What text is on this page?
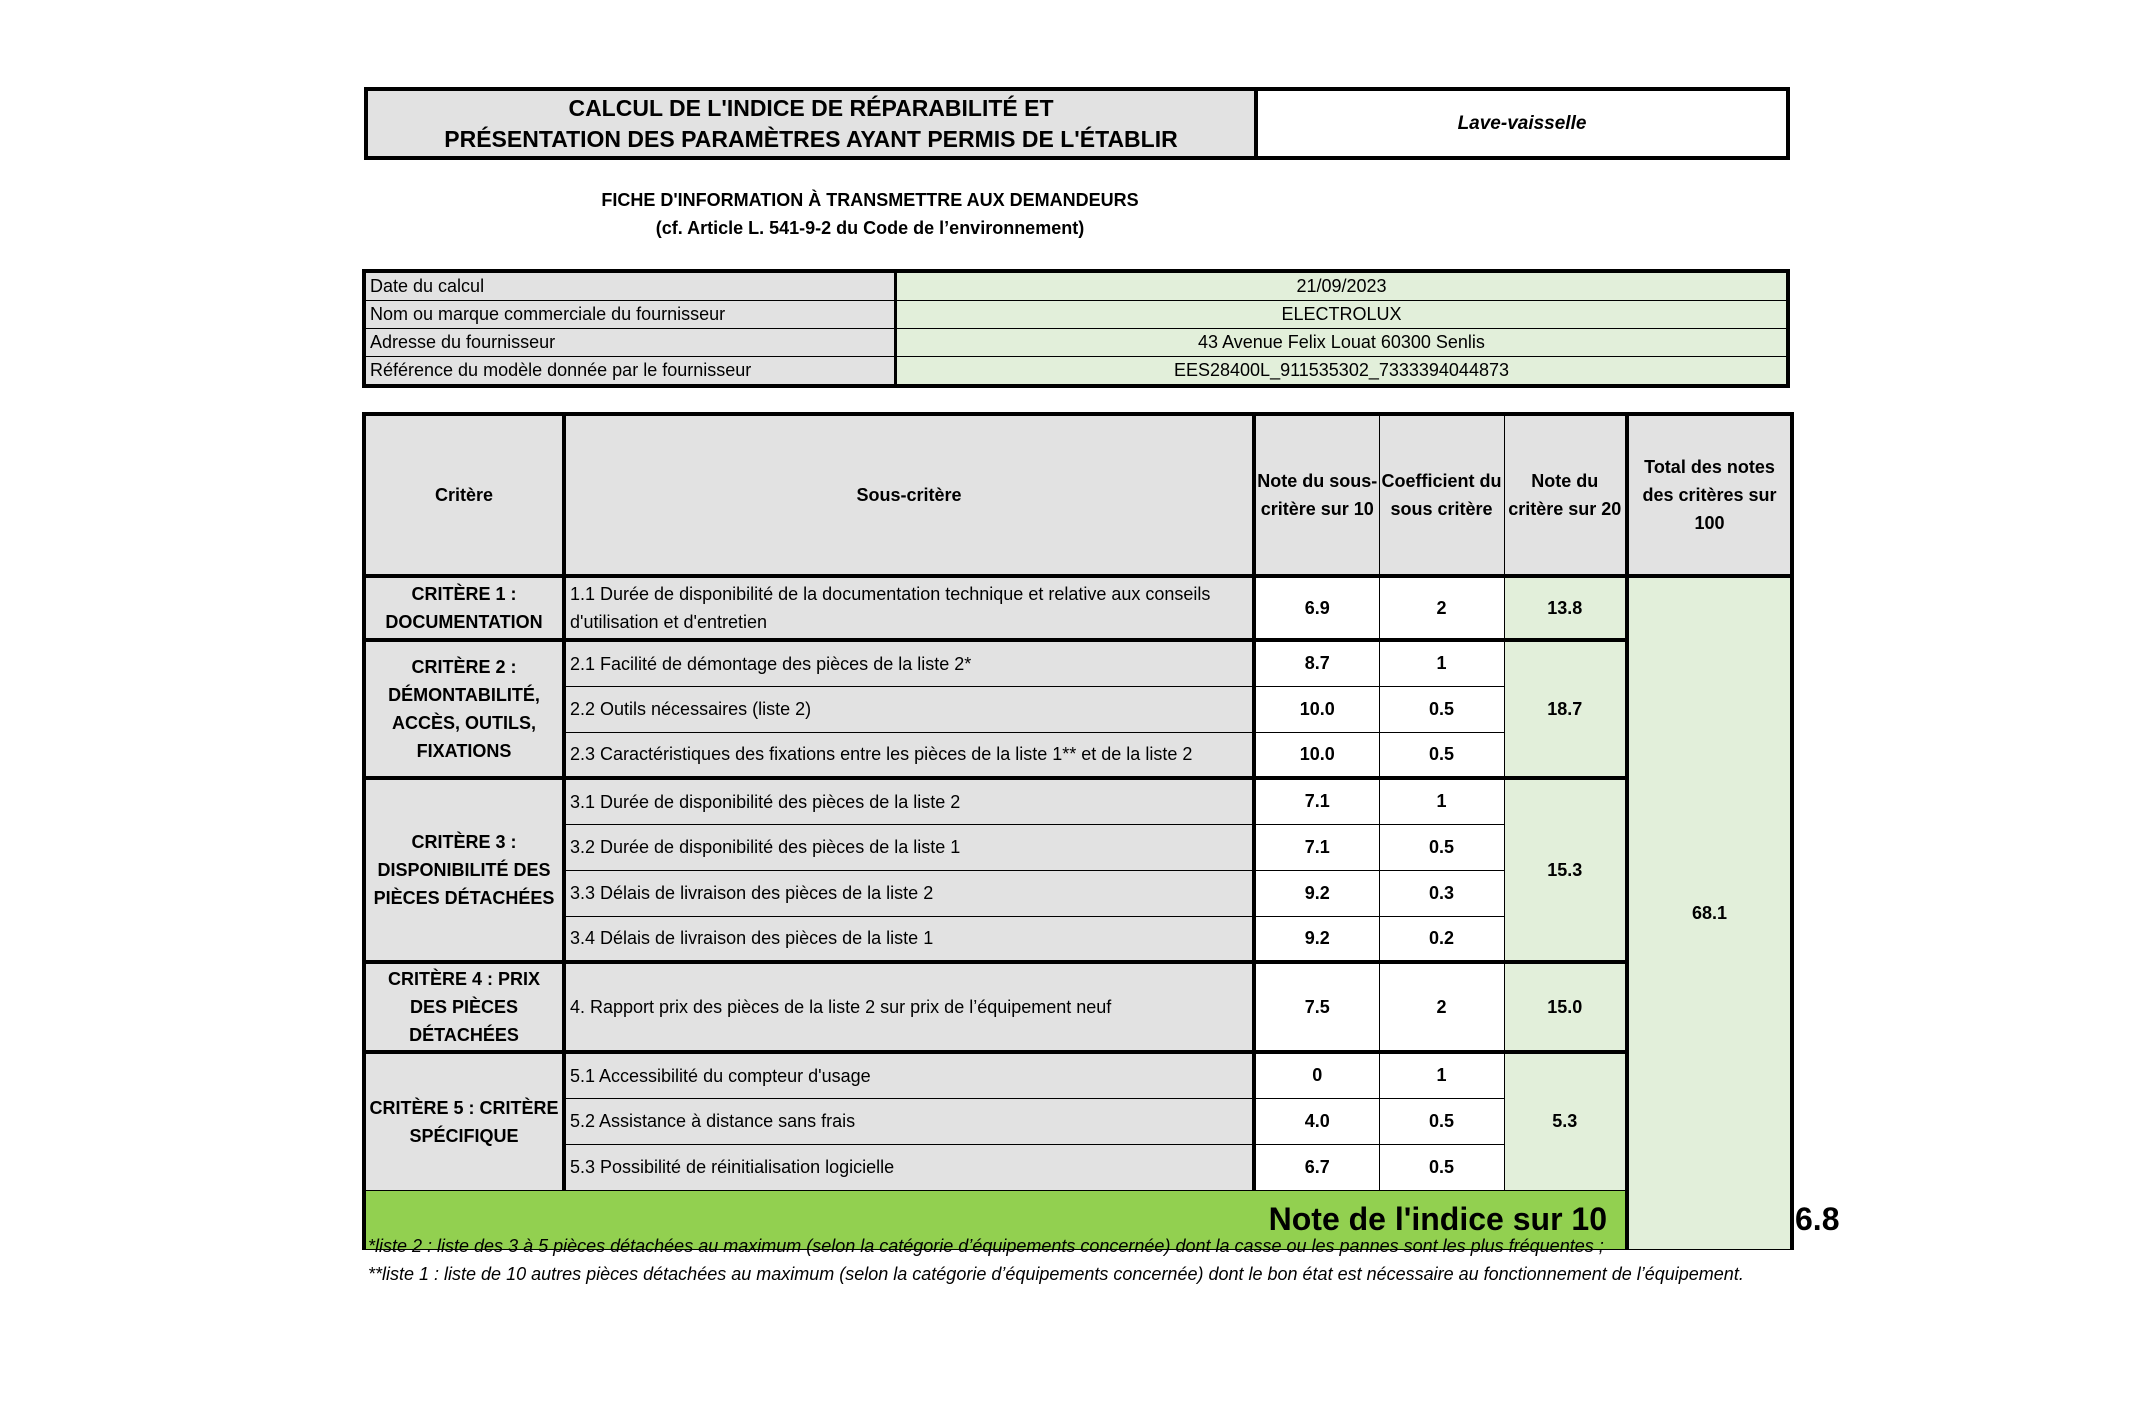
CALCUL DE L'INDICE DE RÉPARABILITÉ ET
PRÉSENTATION DES PARAMÈTRES AYANT PERMIS DE L'ÉTABLIR
Lave-vaisselle
FICHE D'INFORMATION À TRANSMETTRE AUX DEMANDEURS
(cf. Article L. 541-9-2 du Code de l’environnement)
Date du calcul	21/09/2023
Nom ou marque commerciale du fournisseur	ELECTROLUX
Adresse du fournisseur	43 Avenue Felix Louat 60300 Senlis
Référence du modèle donnée par le fournisseur	EES28400L_911535302_7333394044873
Critère	Sous-critère	Note du sous-critère sur 10	Coefficient du sous critère	Note du critère sur 20	Total des notes des critères sur 100	
CRITÈRE 1 : DOCUMENTATION	1.1 Durée de disponibilité de la documentation technique et relative aux conseils d'utilisation et d'entretien	6.9	2	13.8	68.1	
CRITÈRE 2 : DÉMONTABILITÉ, ACCÈS, OUTILS, FIXATIONS	2.1 Facilité de démontage des pièces de la liste 2*	8.7	1	18.7		
	2.2 Outils nécessaires (liste 2)	10.0	0.5			
	2.3 Caractéristiques des fixations entre les pièces de la liste 1** et de la liste 2	10.0	0.5			
CRITÈRE 3 : DISPONIBILITÉ DES PIÈCES DÉTACHÉES	3.1 Durée de disponibilité des pièces de la liste 2	7.1	1	15.3		
	3.2 Durée de disponibilité des pièces de la liste 1	7.1	0.5			
	3.3 Délais de livraison des pièces de la liste 2	9.2	0.3			
	3.4 Délais de livraison des pièces de la liste 1	9.2	0.2			
CRITÈRE 4 : PRIX DES PIÈCES DÉTACHÉES	4. Rapport prix des pièces de la liste 2 sur prix de l’équipement neuf	7.5	2	15.0		
CRITÈRE 5 : CRITÈRE SPÉCIFIQUE	5.1 Accessibilité du compteur d'usage	0	1	5.3		
	5.2 Assistance à distance sans frais	4.0	0.5			
	5.3 Possibilité de réinitialisation logicielle	6.7	0.5			
Note de l'indice sur 10						6.8
*liste 2 : liste des 3 à 5 pièces détachées au maximum (selon la catégorie d’équipements concernée) dont la casse ou les pannes sont les plus fréquentes ;
**liste 1 : liste de 10 autres pièces détachées au maximum (selon la catégorie d’équipements concernée) dont le bon état est nécessaire au fonctionnement de l’équipement.
